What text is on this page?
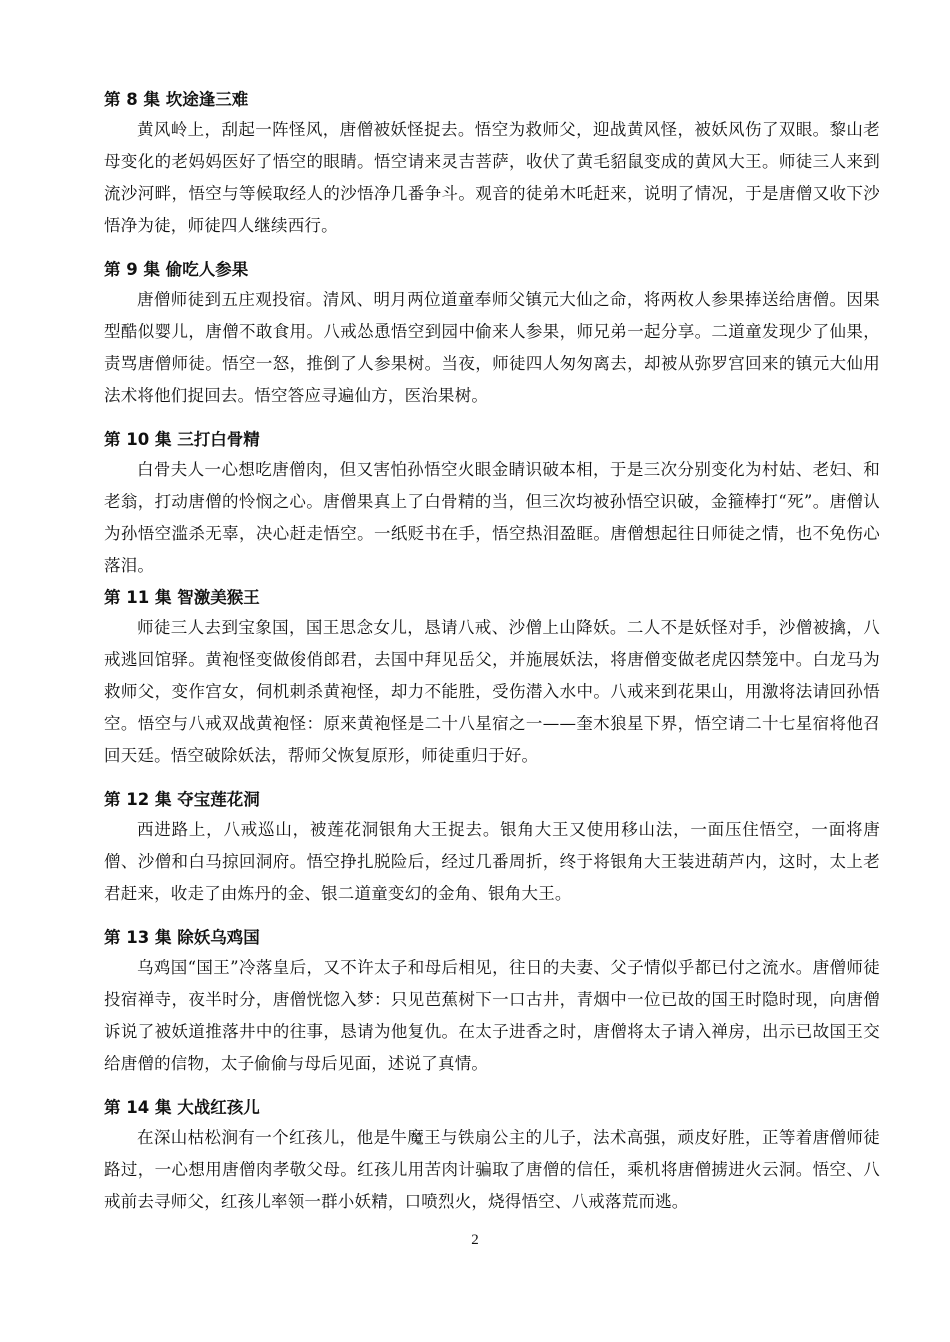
第 8 集 坎途逢三难

黄风岭上，刮起一阵怪风，唐僧被妖怪捉去。悟空为救师父，迎战黄风怪，被妖风伤了双眼。黎山老母变化的老妈妈医好了悟空的眼睛。悟空请来灵吉菩萨，收伏了黄毛貂鼠变成的黄风大王。师徒三人来到流沙河畔，悟空与等候取经人的沙悟净几番争斗。观音的徒弟木吒赶来，说明了情况，于是唐僧又收下沙悟净为徒，师徒四人继续西行。

第 9 集 偷吃人参果

唐僧师徒到五庄观投宿。清风、明月两位道童奉师父镇元大仙之命，将两枚人参果捧送给唐僧。因果型酷似婴儿，唐僧不敢食用。八戒怂恿悟空到园中偷来人参果，师兄弟一起分享。二道童发现少了仙果，责骂唐僧师徒。悟空一怒，推倒了人参果树。当夜，师徒四人匆匆离去，却被从弥罗宫回来的镇元大仙用法术将他们捉回去。悟空答应寻遍仙方，医治果树。

第 10 集 三打白骨精

白骨夫人一心想吃唐僧肉，但又害怕孙悟空火眼金睛识破本相，于是三次分别变化为村姑、老妇、和老翁，打动唐僧的怜悯之心。唐僧果真上了白骨精的当，但三次均被孙悟空识破，金箍棒打“死”。唐僧认为孙悟空滥杀无辜，决心赶走悟空。一纸贬书在手，悟空热泪盈眶。唐僧想起往日师徒之情，也不免伤心落泪。

第 11 集 智激美猴王

师徒三人去到宝象国，国王思念女儿，恳请八戒、沙僧上山降妖。二人不是妖怪对手，沙僧被擒，八戒逃回馆驿。黄袍怪变做俊俏郎君，去国中拜见岳父，并施展妖法，将唐僧变做老虎囚禁笼中。白龙马为救师父，变作宫女，伺机刺杀黄袍怪，却力不能胜，受伤潜入水中。八戒来到花果山，用激将法请回孙悟空。悟空与八戒双战黄袍怪：原来黄袍怪是二十八星宿之一——奎木狼星下界，悟空请二十七星宿将他召回天廷。悟空破除妖法，帮师父恢复原形，师徒重归于好。

第 12 集 夺宝莲花洞

西进路上，八戒巡山，被莲花洞银角大王捉去。银角大王又使用移山法，一面压住悟空，一面将唐僧、沙僧和白马掠回洞府。悟空挣扎脱险后，经过几番周折，终于将银角大王装进葫芦内，这时，太上老君赶来，收走了由炼丹的金、银二道童变幻的金角、银角大王。

第 13 集 除妖乌鸡国

乌鸡国“国王”冷落皇后，又不许太子和母后相见，往日的夫妻、父子情似乎都已付之流水。唐僧师徒投宿禅寺，夜半时分，唐僧恍惚入梦：只见芭蕉树下一口古井，青烟中一位已故的国王时隐时现，向唐僧诉说了被妖道推落井中的往事，恳请为他复仇。在太子进香之时，唐僧将太子请入禅房，出示已故国王交给唐僧的信物，太子偷偷与母后见面，述说了真情。

第 14 集 大战红孩儿

在深山枯松涧有一个红孩儿，他是牛魔王与铁扇公主的儿子，法术高强，顽皮好胜，正等着唐僧师徒路过，一心想用唐僧肉孝敬父母。红孩儿用苦肉计骗取了唐僧的信任，乘机将唐僧掳进火云洞。悟空、八戒前去寻师父，红孩儿率领一群小妖精，口喷烈火，烧得悟空、八戒落荒而逃。

2
